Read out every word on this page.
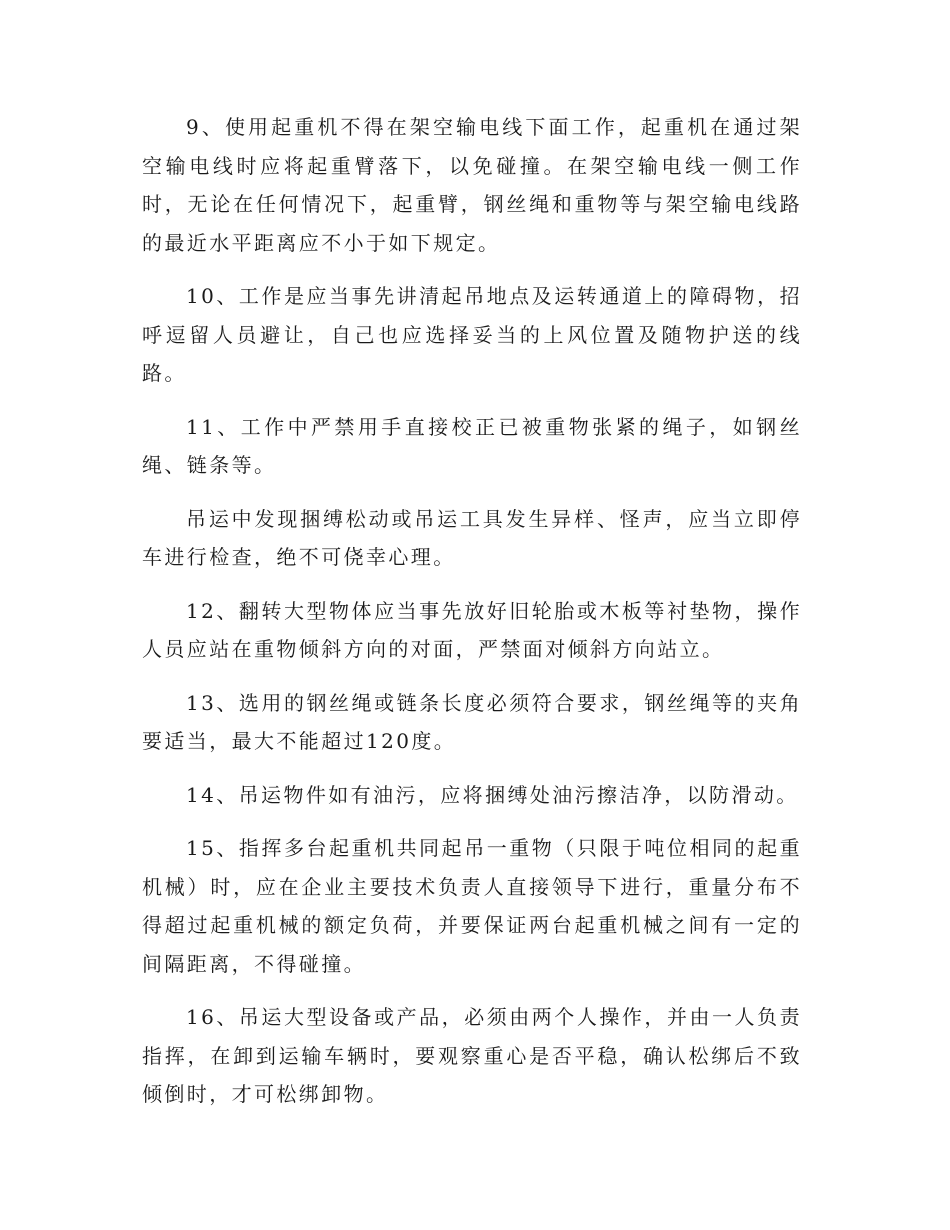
9、使用起重机不得在架空输电线下面工作，起重机在通过架空输电线时应将起重臂落下，以免碰撞。在架空输电线一侧工作时，无论在任何情况下，起重臂，钢丝绳和重物等与架空输电线路的最近水平距离应不小于如下规定。

10、工作是应当事先讲清起吊地点及运转通道上的障碍物，招呼逗留人员避让，自己也应选择妥当的上风位置及随物护送的线路。

11、工作中严禁用手直接校正已被重物张紧的绳子，如钢丝绳、链条等。

吊运中发现捆缚松动或吊运工具发生异样、怪声，应当立即停车进行检查，绝不可侥幸心理。

12、翻转大型物体应当事先放好旧轮胎或木板等衬垫物，操作人员应站在重物倾斜方向的对面，严禁面对倾斜方向站立。

13、选用的钢丝绳或链条长度必须符合要求，钢丝绳等的夹角要适当，最大不能超过120度。

14、吊运物件如有油污，应将捆缚处油污擦洁净，以防滑动。

15、指挥多台起重机共同起吊一重物（只限于吨位相同的起重机械）时，应在企业主要技术负责人直接领导下进行，重量分布不得超过起重机械的额定负荷，并要保证两台起重机械之间有一定的间隔距离，不得碰撞。

16、吊运大型设备或产品，必须由两个人操作，并由一人负责指挥，在卸到运输车辆时，要观察重心是否平稳，确认松绑后不致倾倒时，才可松绑卸物。
